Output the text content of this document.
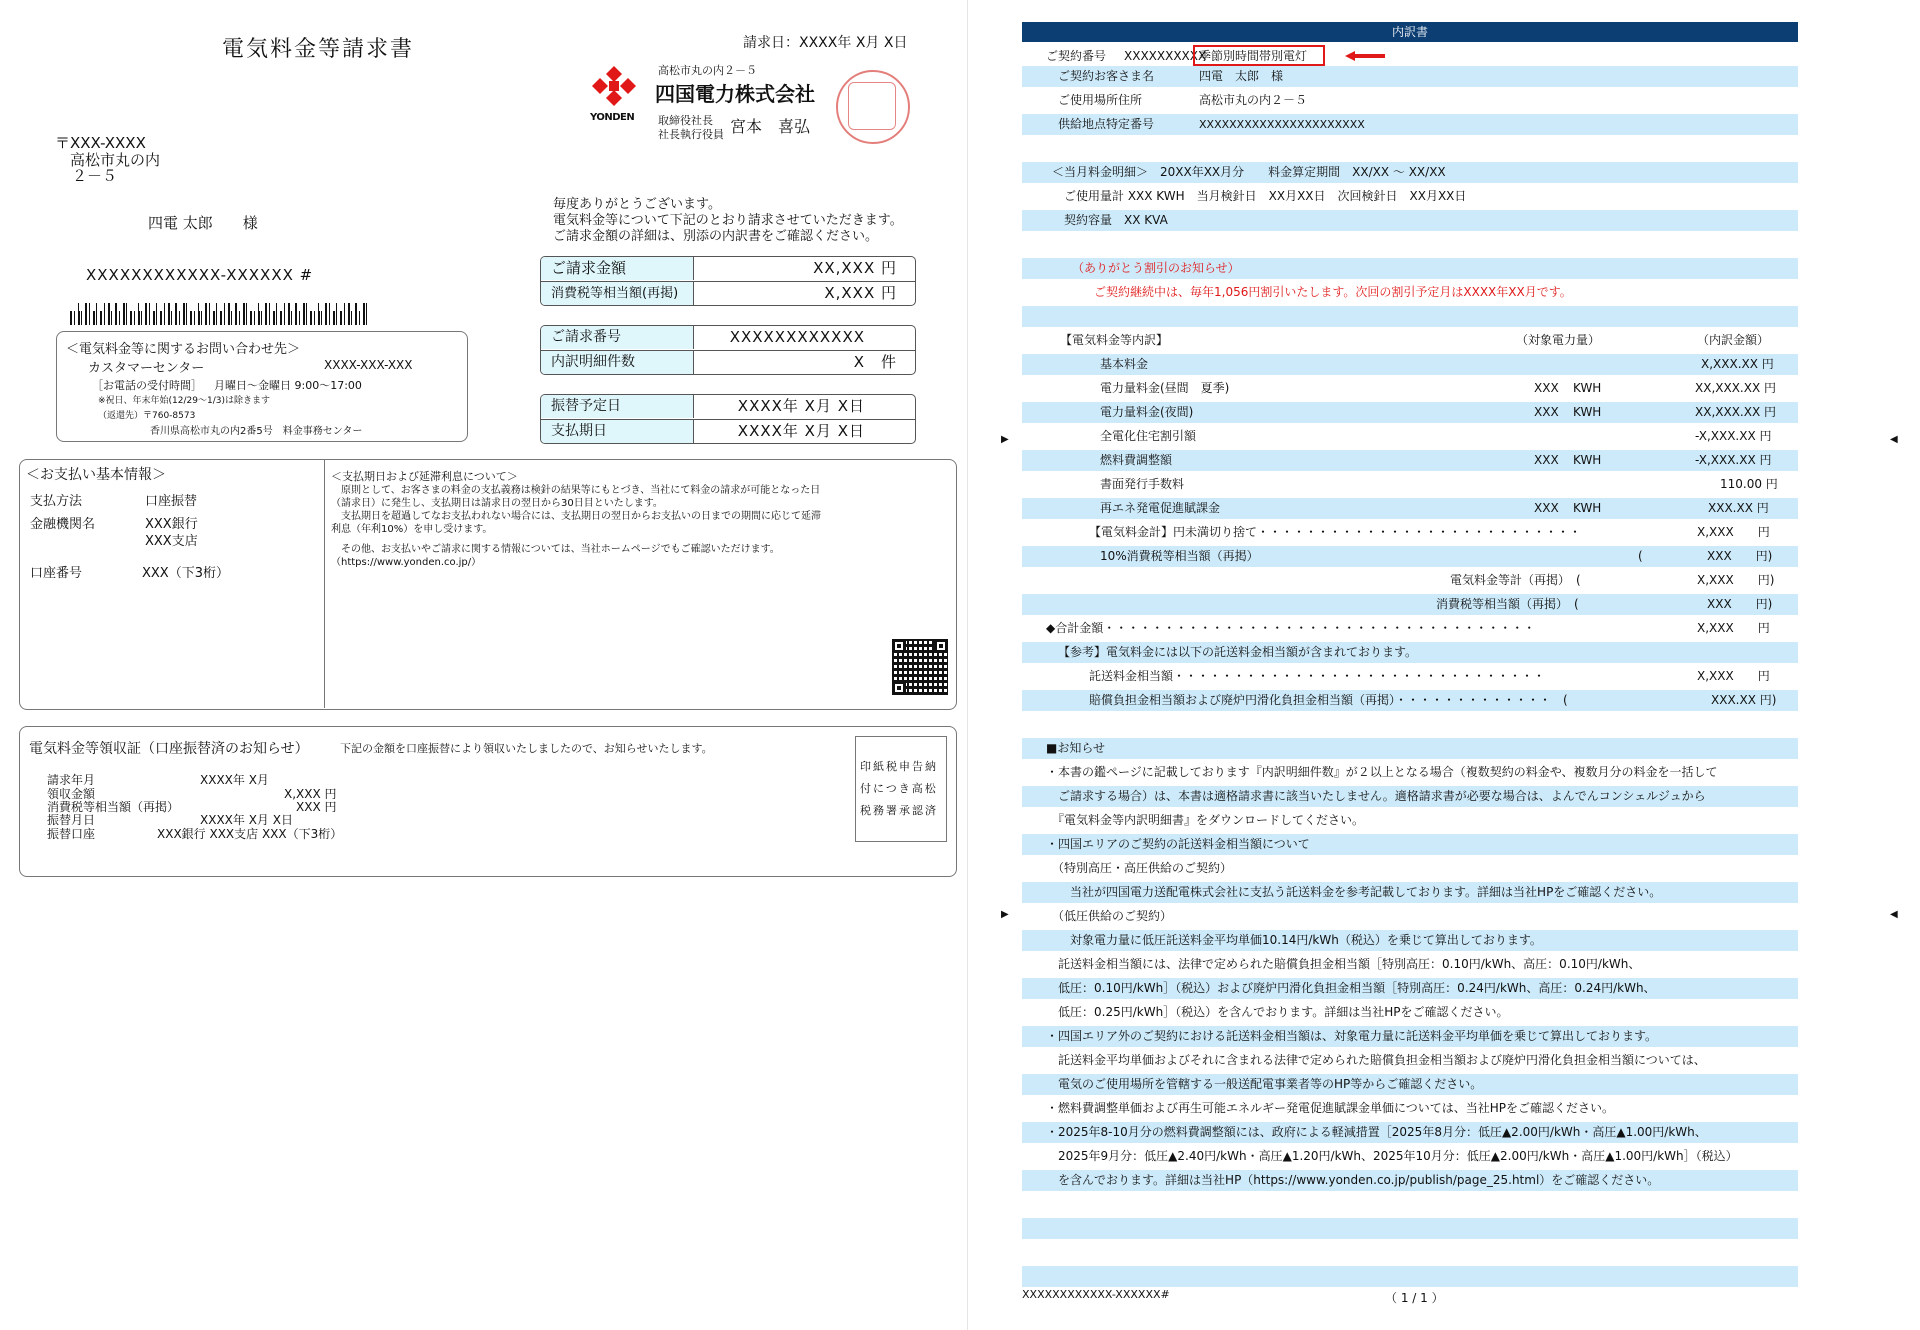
電気料金等請求書	請求日：XXXX年 X月 X日
YONDEN
高松市丸の内２－５
四国電力株式会社
取締役社長
社長執行役員 宮本　喜弘
〒XXX-XXXX
高松市丸の内
２－５
四電 太郎　　様
XXXXXXXXXXXX-XXXXXX #
毎度ありがとうございます。
電気料金等について下記のとおり請求させていただきます。
ご請求金額の詳細は、別添の内訳書をご確認ください。
ご請求金額	XX,XXX 円
消費税等相当額(再掲)	X,XXX 円
ご請求番号	XXXXXXXXXXXX
内訳明細件数	X　件
振替予定日	XXXX年 X月 X日
支払期日	XXXX年 X月 X日
＜電気料金等に関するお問い合わせ先＞
カスタマーセンター	XXXX-XXX-XXX
［お電話の受付時間］ 月曜日～金曜日 9:00～17:00
※祝日、年末年始(12/29～1/3)は除きます
（返還先）〒760-8573
香川県高松市丸の内2番5号　料金事務センター
＜お支払い基本情報＞
支払方法	口座振替
金融機関名	XXX銀行
XXX支店
口座番号	XXX（下3桁）
＜支払期日および延滞利息について＞
　原則として、お客さまの料金の支払義務は検針の結果等にもとづき、当社にて料金の請求が可能となった日
（請求日）に発生し、支払期日は請求日の翌日から30日目といたします。
　支払期日を超過してなお支払われない場合には、支払期日の翌日からお支払いの日までの期間に応じて延滞
利息（年利10%）を申し受けます。
　その他、お支払いやご請求に関する情報については、当社ホームページでもご確認いただけます。
（https://www.yonden.co.jp/）
電気料金等領収証（口座振替済のお知らせ）	下記の金額を口座振替により領収いたしましたので、お知らせいたします。
請求年月	XXXX年 X月
領収金額	X,XXX 円
消費税等相当額（再掲）	XXX 円
振替月日	XXXX年 X月 X日
振替口座	XXX銀行 XXX支店 XXX（下3桁）
印紙税申告納
付につき高松
税務署承認済
内訳書
ご契約番号 XXXXXXXXXX
季節別時間帯別電灯
ご契約お客さま名	四電　太郎　様
ご使用場所住所	高松市丸の内２－５
供給地点特定番号	XXXXXXXXXXXXXXXXXXXXXX
＜当月料金明細＞　20XX年XX月分　　料金算定期間　XX/XX ～ XX/XX
ご使用量計 XXX KWH　当月検針日　XX月XX日　次回検針日　XX月XX日
契約容量　XX KVA
（ありがとう割引のお知らせ）
ご契約継続中は、毎年1,056円割引いたします。次回の割引予定月はXXXX年XX月です。
【電気料金等内訳】	（対象電力量）	（内訳金額）
基本料金	X,XXX.XX 円
電力量料金(昼間　夏季)	XXX KWH	XX,XXX.XX 円
電力量料金(夜間)	XXX KWH	XX,XXX.XX 円
全電化住宅割引額	-X,XXX.XX 円
燃料費調整額	XXX KWH	-X,XXX.XX 円
書面発行手数料	110.00 円
再エネ発電促進賦課金	XXX KWH	XXX.XX 円
【電気料金計】円未満切り捨て・・・・・・・・・・・・・・・・・・・・・・・・・・・	X,XXX　　円
10%消費税等相当額（再掲）	(	XXX　　円)
電気料金等計（再掲）　(	X,XXX　　円)
消費税等相当額（再掲）　(	XXX　　円)
◆合計金額・・・・・・・・・・・・・・・・・・・・・・・・・・・・・・・・・・・・	X,XXX　　円
【参考】電気料金には以下の託送料金相当額が含まれております。
託送料金相当額・・・・・・・・・・・・・・・・・・・・・・・・・・・・・・・	X,XXX　　円
賠償負担金相当額および廃炉円滑化負担金相当額（再掲）・・・・・・・・・・・・・　(	XXX.XX 円)
■お知らせ
・本書の鑑ページに記載しております『内訳明細件数』が２以上となる場合（複数契約の料金や、複数月分の料金を一括して
　ご請求する場合）は、本書は適格請求書に該当いたしません。適格請求書が必要な場合は、よんでんコンシェルジュから
　『電気料金等内訳明細書』をダウンロードしてください。
・四国エリアのご契約の託送料金相当額について
　（特別高圧・高圧供給のご契約）
　　当社が四国電力送配電株式会社に支払う託送料金を参考記載しております。詳細は当社HPをご確認ください。
　（低圧供給のご契約）
　　対象電力量に低圧託送料金平均単価10.14円/kWh（税込）を乗じて算出しております。
　託送料金相当額には、法律で定められた賠償負担金相当額［特別高圧：0.10円/kWh、高圧：0.10円/kWh、
　低圧：0.10円/kWh］（税込）および廃炉円滑化負担金相当額［特別高圧：0.24円/kWh、高圧：0.24円/kWh、
　低圧：0.25円/kWh］（税込）を含んでおります。詳細は当社HPをご確認ください。
・四国エリア外のご契約における託送料金相当額は、対象電力量に託送料金平均単価を乗じて算出しております。
　託送料金平均単価およびそれに含まれる法律で定められた賠償負担金相当額および廃炉円滑化負担金相当額については、
　電気のご使用場所を管轄する一般送配電事業者等のHP等からご確認ください。
・燃料費調整単価および再生可能エネルギー発電促進賦課金単価については、当社HPをご確認ください。
・2025年8-10月分の燃料費調整額には、政府による軽減措置［2025年8月分：低圧▲2.00円/kWh・高圧▲1.00円/kWh、
　2025年9月分：低圧▲2.40円/kWh・高圧▲1.20円/kWh、2025年10月分：低圧▲2.00円/kWh・高圧▲1.00円/kWh］（税込）
　を含んでおります。詳細は当社HP（https://www.yonden.co.jp/publish/page_25.html）をご確認ください。
XXXXXXXXXXXX-XXXXXX#	（ 1 / 1 ）
▶	◀
▶	◀
